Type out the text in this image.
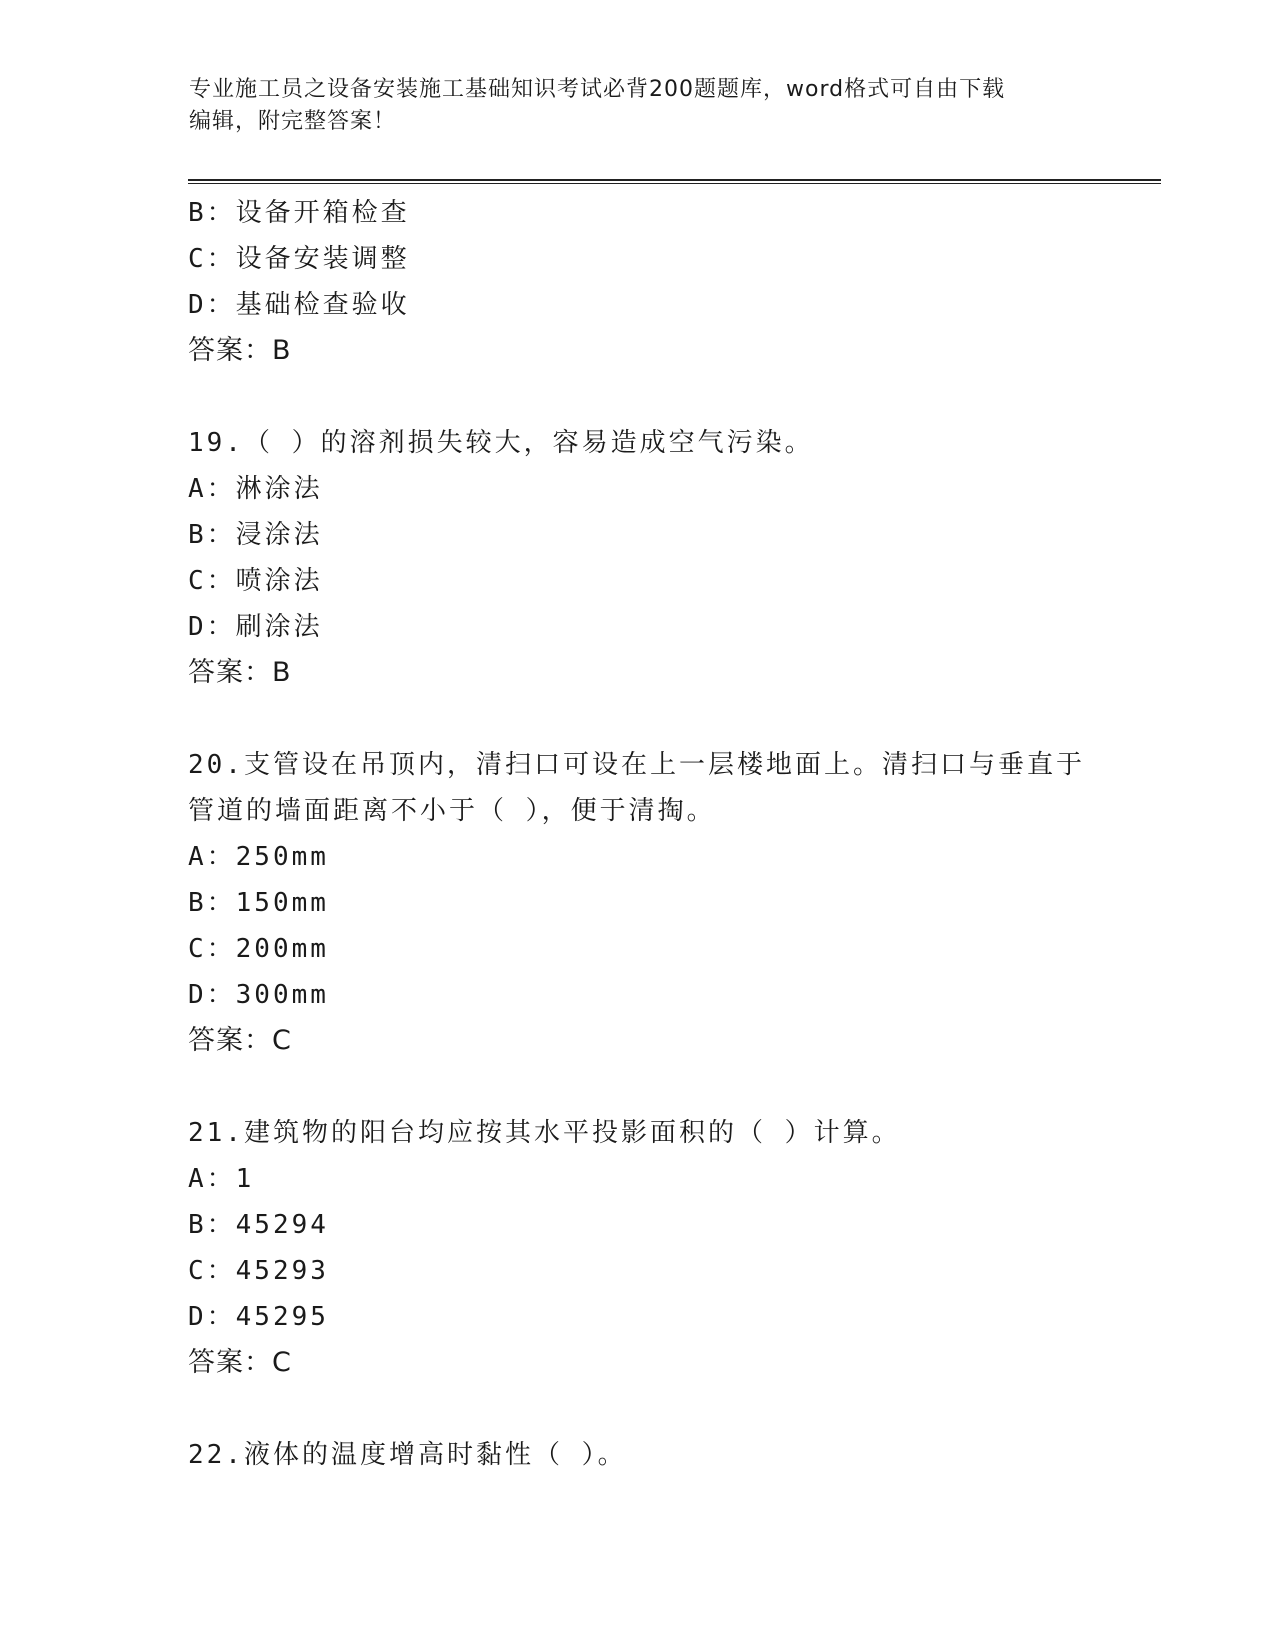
专业施工员之设备安装施工基础知识考试必背200题题库，word格式可自由下载
编辑，附完整答案！
B：设备开箱检查
C：设备安装调整
D：基础检查验收
答案：B
19.（ ）的溶剂损失较大，容易造成空气污染。
A：淋涂法
B：浸涂法
C：喷涂法
D：刷涂法
答案：B
20.支管设在吊顶内，清扫口可设在上一层楼地面上。清扫口与垂直于
管道的墙面距离不小于（ ），便于清掏。
A：250mm
B：150mm
C：200mm
D：300mm
答案：C
21.建筑物的阳台均应按其水平投影面积的（ ）计算。
A：1
B：45294
C：45293
D：45295
答案：C
22.液体的温度增高时黏性（ ）。
